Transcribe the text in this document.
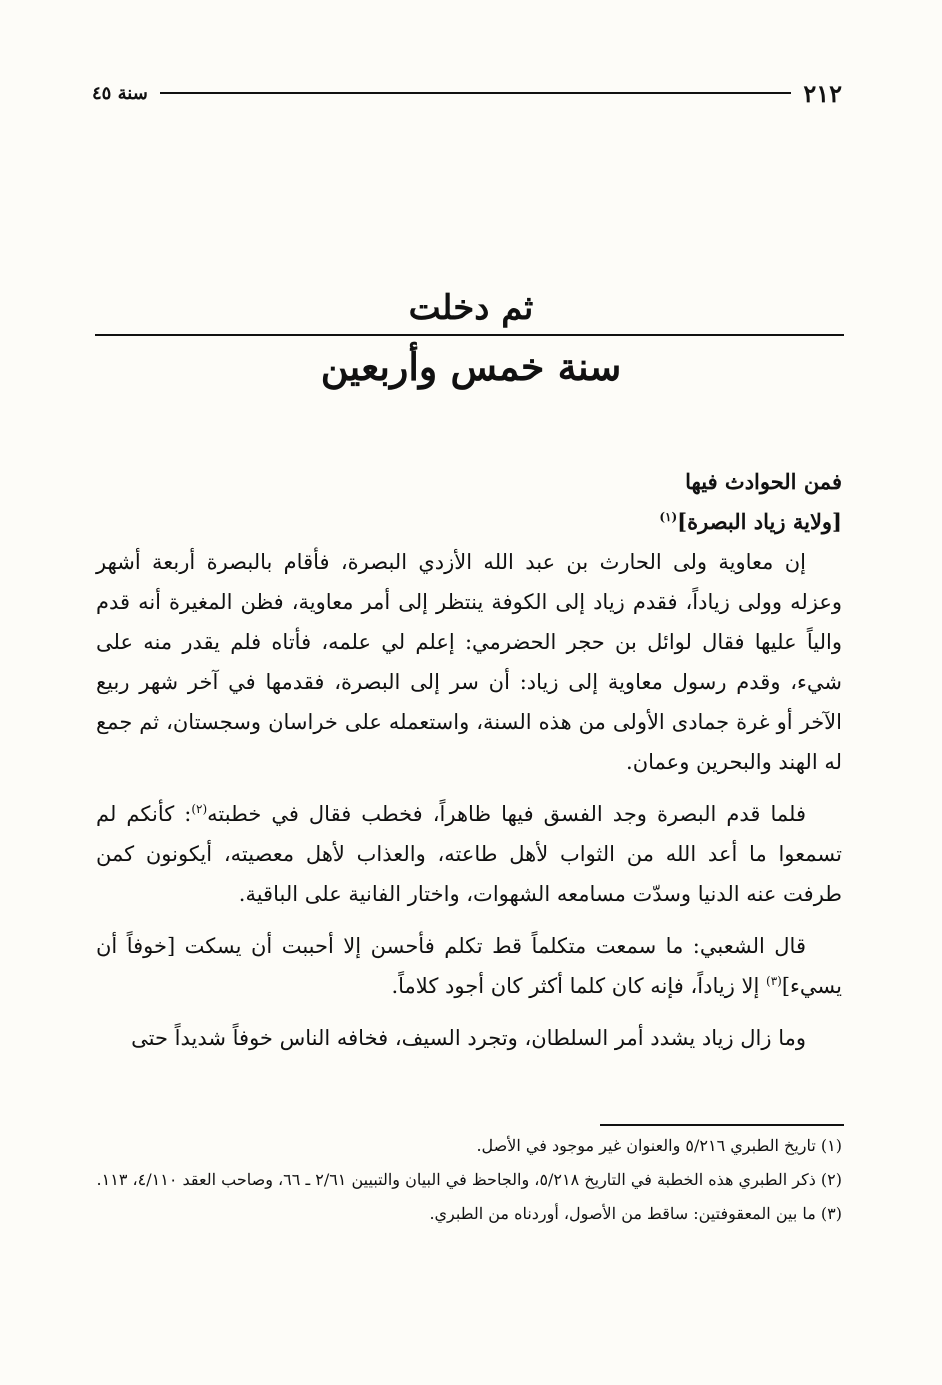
٢١٢
سنة ٤٥
ثم دخلت
سنة خمس وأربعين

فمن الحوادث فيها

[ولاية زياد البصرة]$^{(١)}$

إن معاوية ولى الحارث بن عبد الله الأزدي البصرة، فأقام بالبصرة أربعة أشهر وعزله وولى زياداً، فقدم زياد إلى الكوفة ينتظر إلى أمر معاوية، فظن المغيرة أنه قدم والياً عليها فقال لوائل بن حجر الحضرمي: إعلم لي علمه، فأتاه فلم يقدر منه على شيء، وقدم رسول معاوية إلى زياد: أن سر إلى البصرة، فقدمها في آخر شهر ربيع الآخر أو غرة جمادى الأولى من هذه السنة، واستعمله على خراسان وسجستان، ثم جمع له الهند والبحرين وعمان.

فلما قدم البصرة وجد الفسق فيها ظاهراً، فخطب فقال في خطبته$^{(٢)}$: كأنكم لم تسمعوا ما أعد الله من الثواب لأهل طاعته، والعذاب لأهل معصيته، أيكونون كمن طرفت عنه الدنيا وسدّت مسامعه الشهوات، واختار الفانية على الباقية.

قال الشعبي: ما سمعت متكلماً قط تكلم فأحسن إلا أحببت أن يسكت [خوفاً أن يسيء]$^{(٣)}$ إلا زياداً، فإنه كان كلما أكثر كان أجود كلاماً.

وما زال زياد يشدد أمر السلطان، وتجرد السيف، فخافه الناس خوفاً شديداً حتى

(١) تاريخ الطبري ٥/٢١٦ والعنوان غير موجود في الأصل.

(٢) ذكر الطبري هذه الخطبة في التاريخ ٥/٢١٨، والجاحظ في البيان والتبيين ٢/٦١ ـ ٦٦، وصاحب العقد ٤/١١٠، ١١٣.

(٣) ما بين المعقوفتين: ساقط من الأصول، أوردناه من الطبري.
